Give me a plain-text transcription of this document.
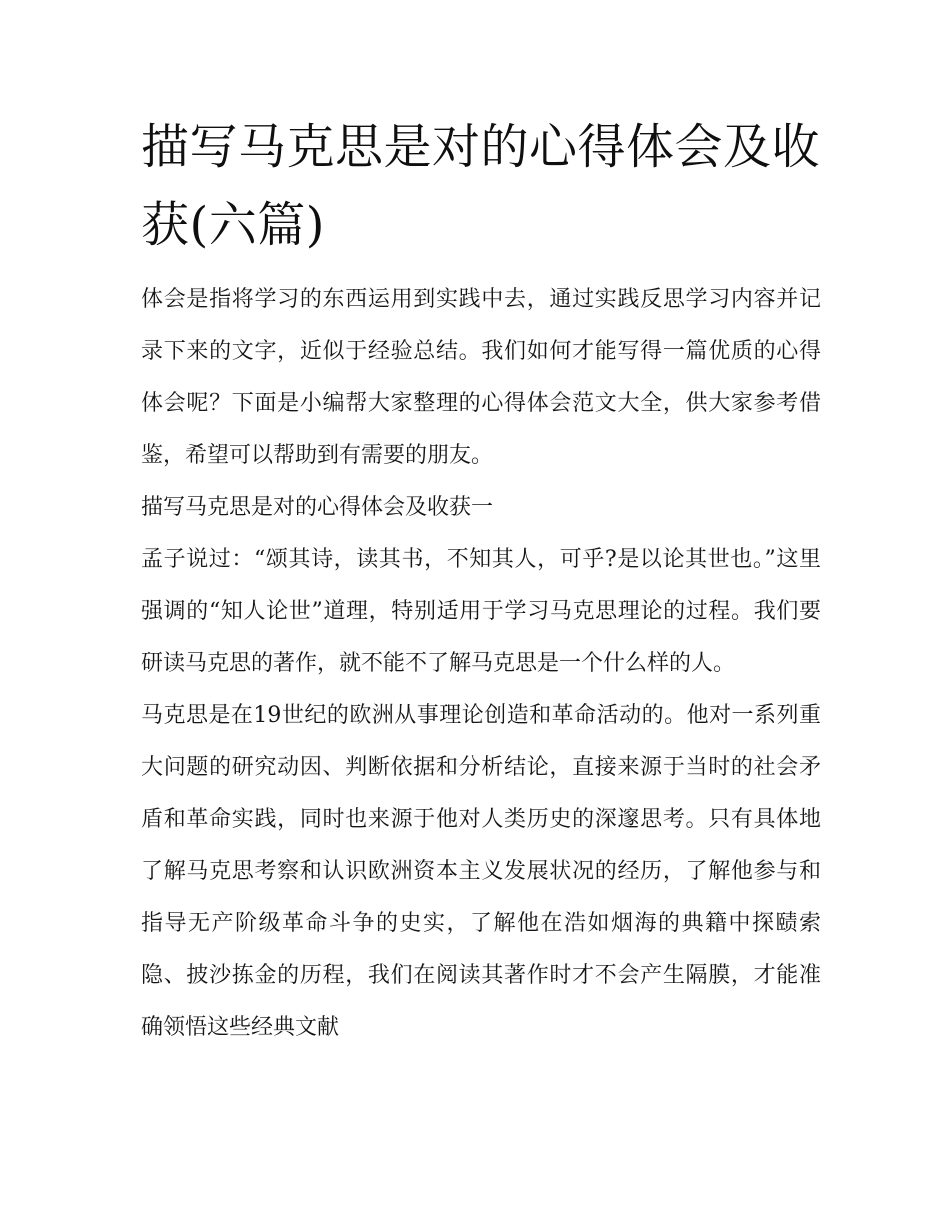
描写马克思是对的心得体会及收获(六篇)

体会是指将学习的东西运用到实践中去，通过实践反思学习内容并记录下来的文字，近似于经验总结。我们如何才能写得一篇优质的心得体会呢？下面是小编帮大家整理的心得体会范文大全，供大家参考借鉴，希望可以帮助到有需要的朋友。

描写马克思是对的心得体会及收获一

孟子说过：“颂其诗，读其书，不知其人，可乎?是以论其世也。”这里强调的“知人论世”道理，特别适用于学习马克思理论的过程。我们要研读马克思的著作，就不能不了解马克思是一个什么样的人。

马克思是在19世纪的欧洲从事理论创造和革命活动的。他对一系列重大问题的研究动因、判断依据和分析结论，直接来源于当时的社会矛盾和革命实践，同时也来源于他对人类历史的深邃思考。只有具体地了解马克思考察和认识欧洲资本主义发展状况的经历，了解他参与和指导无产阶级革命斗争的史实，了解他在浩如烟海的典籍中探赜索隐、披沙拣金的历程，我们在阅读其著作时才不会产生隔膜，才能准确领悟这些经典文献
